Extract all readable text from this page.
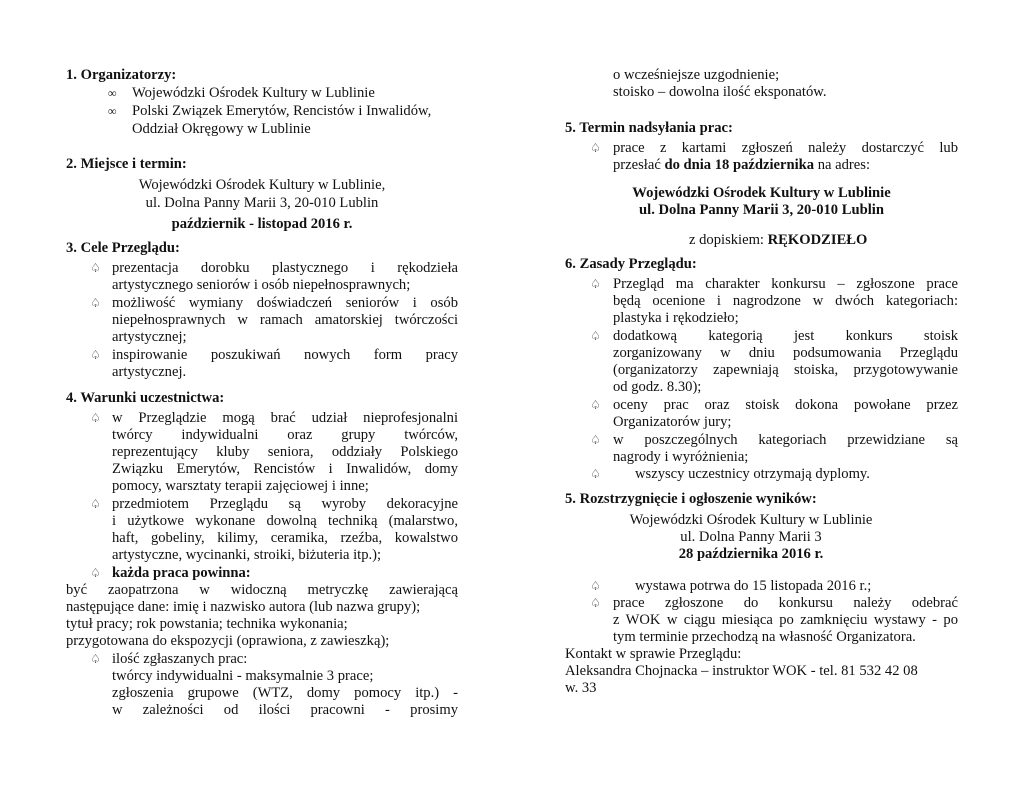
1. Organizatorzy:
∞ Wojewódzki Ośrodek Kultury w Lublinie
∞ Polski Związek Emerytów, Rencistów i Inwalidów,
Oddział Okręgowy w Lublinie
2. Miejsce i termin:
Wojewódzki Ośrodek Kultury w Lublinie,
ul. Dolna Panny Marii 3, 20-010 Lublin
październik - listopad 2016 r.
3. Cele Przeglądu:
♤ prezentacja dorobku plastycznego i rękodzieła
artystycznego seniorów i osób niepełnosprawnych;
♤ możliwość wymiany doświadczeń seniorów i osób
niepełnosprawnych w ramach amatorskiej twórczości
artystycznej;
♤ inspirowanie poszukiwań nowych form pracy
artystycznej.
4. Warunki uczestnictwa:
♤ w Przeglądzie mogą brać udział nieprofesjonalni
twórcy indywidualni oraz grupy twórców,
reprezentujący kluby seniora, oddziały Polskiego
Związku Emerytów, Rencistów i Inwalidów, domy
pomocy, warsztaty terapii zajęciowej i inne;
♤ przedmiotem Przeglądu są wyroby dekoracyjne
i użytkowe wykonane dowolną techniką (malarstwo,
haft, gobeliny, kilimy, ceramika, rzeźba, kowalstwo
artystyczne, wycinanki, stroiki, biżuteria itp.);
♤ każda praca powinna:
być zaopatrzona w widoczną metryczkę zawierającą
następujące dane: imię i nazwisko autora (lub nazwa grupy);
tytuł pracy; rok powstania; technika wykonania;
przygotowana do ekspozycji (oprawiona, z zawieszką);
♤ ilość zgłaszanych prac:
twórcy indywidualni - maksymalnie 3 prace;
zgłoszenia grupowe (WTZ, domy pomocy itp.) -
w zależności od ilości pracowni - prosimy
o wcześniejsze uzgodnienie;
stoisko – dowolna ilość eksponatów.
5. Termin nadsyłania prac:
♤ prace z kartami zgłoszeń należy dostarczyć lub
przesłać do dnia 18 października na adres:
Wojewódzki Ośrodek Kultury w Lublinie
ul. Dolna Panny Marii 3, 20-010 Lublin
z dopiskiem: RĘKODZIEŁO
6. Zasady Przeglądu:
♤ Przegląd ma charakter konkursu – zgłoszone prace
będą ocenione i nagrodzone w dwóch kategoriach:
plastyka i rękodzieło;
♤ dodatkową kategorią jest konkurs stoisk
zorganizowany w dniu podsumowania Przeglądu
(organizatorzy zapewniają stoiska, przygotowywanie
od godz. 8.30);
♤ oceny prac oraz stoisk dokona powołane przez
Organizatorów jury;
♤ w poszczególnych kategoriach przewidziane są
nagrody i wyróżnienia;
♤ wszyscy uczestnicy otrzymają dyplomy.
5. Rozstrzygnięcie i ogłoszenie wyników:
Wojewódzki Ośrodek Kultury w Lublinie
ul. Dolna Panny Marii 3
28 października 2016 r.
♤ wystawa potrwa do 15 listopada 2016 r.;
♤ prace zgłoszone do konkursu należy odebrać
z WOK w ciągu miesiąca po zamknięciu wystawy - po
tym terminie przechodzą na własność Organizatora.
Kontakt w sprawie Przeglądu:
Aleksandra Chojnacka – instruktor WOK - tel. 81 532 42 08
w. 33
